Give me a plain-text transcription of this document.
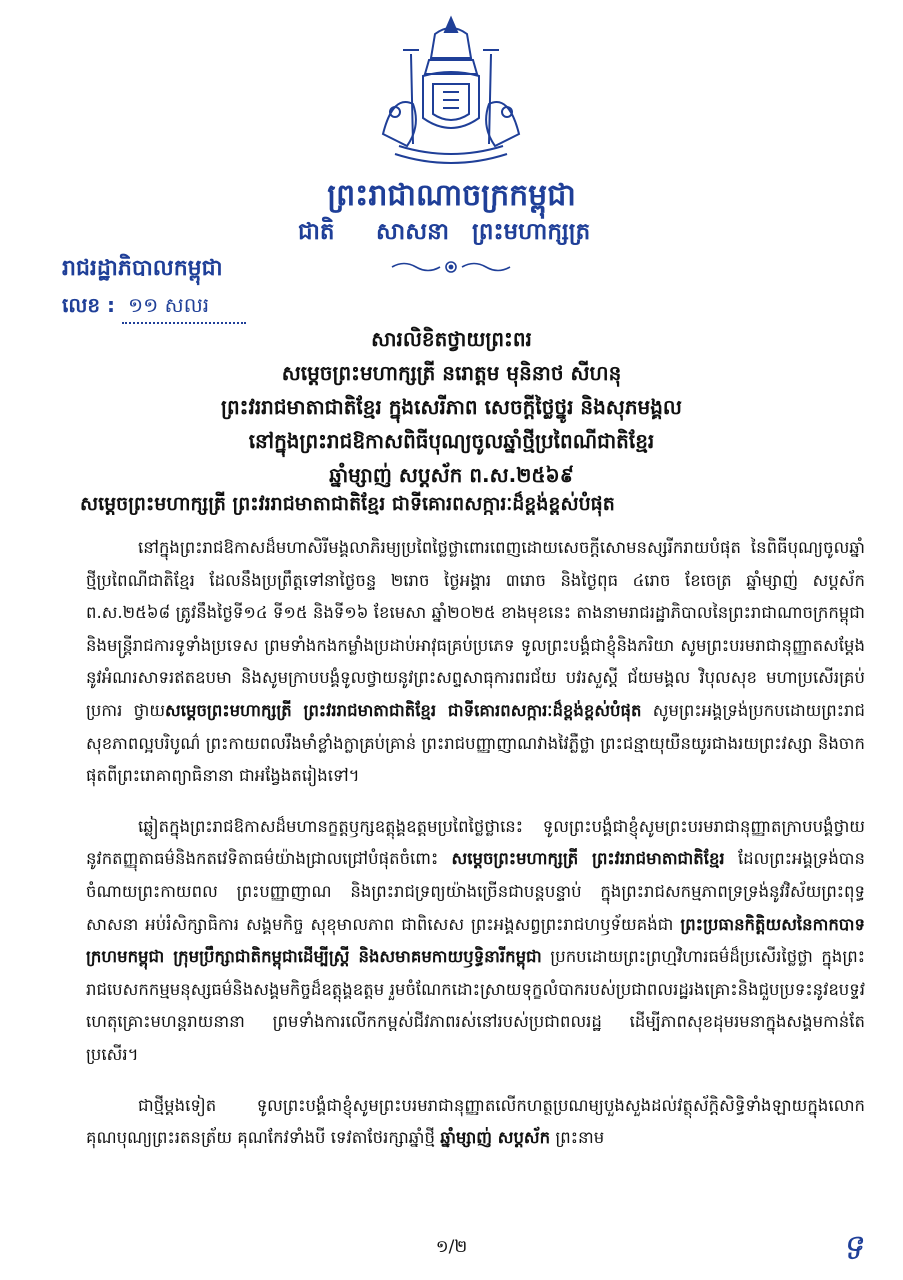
ព្រះរាជាណាចក្រកម្ពុជា
ជាតិ សាសនា ព្រះមហាក្សត្រ
រាជរដ្ឋាភិបាលកម្ពុជា
លេខ : ១១ សលរ
សារលិខិតថ្វាយព្រះពរ
សម្ដេចព្រះមហាក្សត្រី នរោត្ដម មុនិនាថ សីហនុ
ព្រះវររាជមាតាជាតិខ្មែរ ក្នុងសេរីភាព សេចក្ដីថ្លៃថ្នូរ និងសុភមង្គល
នៅក្នុងព្រះរាជឱកាសពិធីបុណ្យចូលឆ្នាំថ្មីប្រពៃណីជាតិខ្មែរ
ឆ្នាំម្សាញ់ សប្តស័ក ព.ស.២៥៦៩
សម្ដេចព្រះមហាក្សត្រី ព្រះវររាជមាតាជាតិខ្មែរ ជាទីគោរពសក្ការៈដ៏ខ្ពង់ខ្ពស់បំផុត
នៅក្នុងព្រះរាជឱកាសដ៏មហាសិរីមង្គលាភិរម្យប្រពៃថ្លៃថ្លាពោរពេញដោយសេចក្ដីសោមនស្សរីករាយបំផុត នៃពិធីបុណ្យចូលឆ្នាំថ្មីប្រពៃណីជាតិខ្មែរ ដែលនឹងប្រព្រឹត្តទៅនាថ្ងៃចន្ទ ២រោច ថ្ងៃអង្គារ ៣រោច និងថ្ងៃពុធ ៤រោច ខែចេត្រ ឆ្នាំម្សាញ់ សប្តស័ក ព.ស.២៥៦៨ ត្រូវនឹងថ្ងៃទី១៤ ទី១៥ និងទី១៦ ខែមេសា ឆ្នាំ២០២៥ ខាងមុខនេះ តាងនាមរាជរដ្ឋាភិបាលនៃព្រះរាជាណាចក្រកម្ពុជា និងមន្ត្រីរាជការទូទាំងប្រទេស ព្រមទាំងកងកម្លាំងប្រដាប់អាវុធគ្រប់ប្រភេទ ទូលព្រះបង្គំជាខ្ញុំនិងភរិយា សូមព្រះបរមរាជានុញ្ញាតសម្ដែងនូវអំណរសាទរឥតឧបមា និងសូមក្រាបបង្គំទូលថ្វាយនូវព្រះសព្ទសាធុការពរជ័យ បវរសួស្ដី ជ័យមង្គល វិបុលសុខ មហាប្រសើរគ្រប់ប្រការ ថ្វាយសម្ដេចព្រះមហាក្សត្រី ព្រះវររាជមាតាជាតិខ្មែរ ជាទីគោរពសក្ការៈដ៏ខ្ពង់ខ្ពស់បំផុត សូមព្រះអង្គទ្រង់ប្រកបដោយព្រះរាជសុខភាពល្អបរិបូណ៌ ព្រះកាយពលរឹងមាំខ្លាំងក្លាគ្រប់គ្រាន់ ព្រះរាជបញ្ញាញាណវាងវៃភ្លឺថ្លា ព្រះជន្មាយុយឺនយូរជាងរយព្រះវស្សា និងចាកផុតពីព្រះរោគាព្យាធិនានា ជាអង្វែងតរៀងទៅ។
ឆ្លៀតក្នុងព្រះរាជឱកាសដ៏មហានក្ខត្តឫក្សឧត្ដុង្គឧត្ដមប្រពៃថ្លៃថ្លានេះ ទូលព្រះបង្គំជាខ្ញុំសូមព្រះបរមរាជានុញ្ញាតក្រាបបង្គំថ្វាយនូវកតញ្ញុតាធម៌និងកតវេទិតាធម៌យ៉ាងជ្រាលជ្រៅបំផុតចំពោះ សម្ដេចព្រះមហាក្សត្រី ព្រះវររាជមាតាជាតិខ្មែរ ដែលព្រះអង្គទ្រង់បានចំណាយព្រះកាយពល ព្រះបញ្ញាញាណ និងព្រះរាជទ្រព្យយ៉ាងច្រើនជាបន្តបន្ទាប់ ក្នុងព្រះរាជសកម្មភាពទ្រទ្រង់នូវវិស័យព្រះពុទ្ធសាសនា អប់រំសិក្សាធិការ សង្គមកិច្ច សុខុមាលភាព ជាពិសេស ព្រះអង្គសព្វព្រះរាជហឫទ័យគង់ជា ព្រះប្រធានកិត្តិយសនៃកាកបាទក្រហមកម្ពុជា ក្រុមប្រឹក្សាជាតិកម្ពុជាដើម្បីស្ត្រី និងសមាគមកាយឫទ្ធិនារីកម្ពុជា ប្រកបដោយព្រះព្រហ្មវិហារធម៌ដ៏ប្រសើរថ្លៃថ្លា ក្នុងព្រះរាជបេសកកម្មមនុស្សធម៌និងសង្គមកិច្ចដ៏ឧត្ដុង្គឧត្ដម រួមចំណែកដោះស្រាយទុក្ខលំបាករបស់ប្រជាពលរដ្ឋរងគ្រោះនិងជួបប្រទះនូវឧបទ្ទវហេតុគ្រោះមហន្តរាយនានា ព្រមទាំងការលើកកម្ពស់ជីវភាពរស់នៅរបស់ប្រជាពលរដ្ឋ ដើម្បីភាពសុខដុមរមនាក្នុងសង្គមកាន់តែប្រសើរ។
ជាថ្មីម្ដងទៀត ទូលព្រះបង្គំជាខ្ញុំសូមព្រះបរមរាជានុញ្ញាតលើកហត្ថប្រណម្យបួងសួងដល់វត្ថុស័ក្ដិសិទ្ធិទាំងឡាយក្នុងលោក គុណបុណ្យព្រះរតនត្រ័យ គុណកែវទាំងបី ទេវតាថែរក្សាឆ្នាំថ្មី ឆ្នាំម្សាញ់ សប្តស័ក ព្រះនាម
១/២	ទ
